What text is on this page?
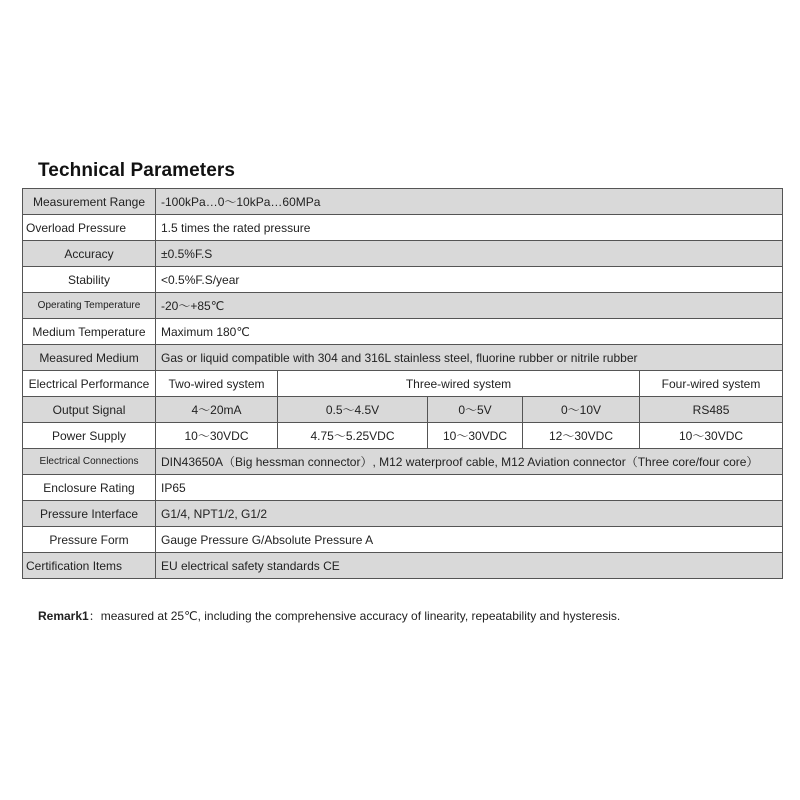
Technical Parameters
Measurement Range	-100kPa…0～10kPa…60MPa				
Overload Pressure	1.5 times the rated pressure				
Accuracy	±0.5%F.S				
Stability	<0.5%F.S/year				
Operating Temperature	-20～+85℃				
Medium Temperature	Maximum 180℃				
Measured Medium	Gas or liquid compatible with 304 and 316L stainless steel, fluorine rubber or nitrile rubber				
Electrical Performance	Two-wired system	Three-wired system			Four-wired system
Output Signal	4～20mA	0.5～4.5V	0～5V	0～10V	RS485
Power Supply	10～30VDC	4.75～5.25VDC	10～30VDC	12～30VDC	10～30VDC
Electrical Connections	DIN43650A（Big hessman connector）, M12 waterproof cable, M12 Aviation connector（Three core/four core）				
Enclosure Rating	IP65				
Pressure Interface	G1/4, NPT1/2, G1/2				
Pressure Form	Gauge Pressure G/Absolute Pressure A				
Certification Items	EU electrical safety standards CE				
Remark1：measured at 25℃, including the comprehensive accuracy of linearity, repeatability and hysteresis.
